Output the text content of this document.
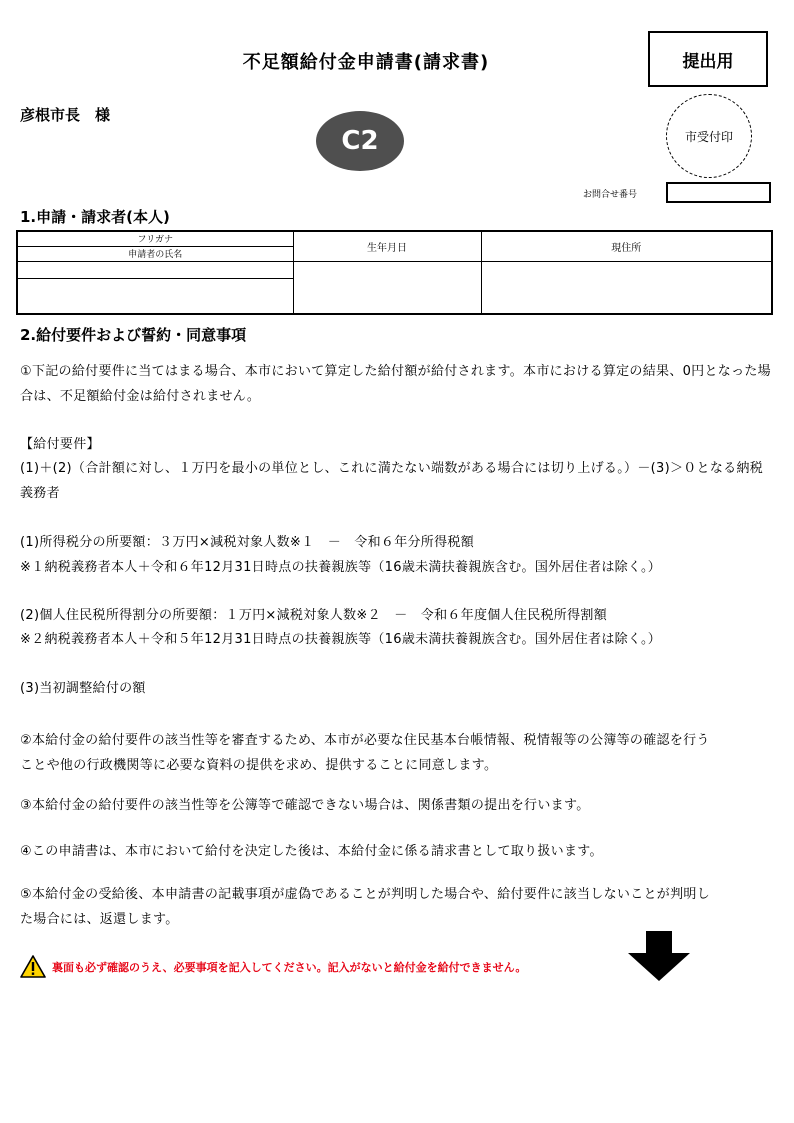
不足額給付金申請書(請求書)	提出用
彦根市長　様
C2	市受付印
お問合せ番号
1.申請・請求者(本人)
フリガナ	生年月日	現住所
申請者の氏名		

2.給付要件および誓約・同意事項
①下記の給付要件に当てはまる場合、本市において算定した給付額が給付されます。本市における算定の結果、0円となった場合は、不足額給付金は給付されません。
【給付要件】
(1)＋(2)（合計額に対し、１万円を最小の単位とし、これに満たない端数がある場合には切り上げる。）－(3)＞０となる納税義務者
(1)所得税分の所要額：３万円×減税対象人数※１　－　令和６年分所得税額
※１納税義務者本人＋令和６年12月31日時点の扶養親族等（16歳未満扶養親族含む。国外居住者は除く。）
(2)個人住民税所得割分の所要額：１万円×減税対象人数※２　－　令和６年度個人住民税所得割額
※２納税義務者本人＋令和５年12月31日時点の扶養親族等（16歳未満扶養親族含む。国外居住者は除く。）
(3)当初調整給付の額
②本給付金の給付要件の該当性等を審査するため、本市が必要な住民基本台帳情報、税情報等の公簿等の確認を行うことや他の行政機関等に必要な資料の提供を求め、提供することに同意します。
③本給付金の給付要件の該当性等を公簿等で確認できない場合は、関係書類の提出を行います。
④この申請書は、本市において給付を決定した後は、本給付金に係る請求書として取り扱います。
⑤本給付金の受給後、本申請書の記載事項が虚偽であることが判明した場合や、給付要件に該当しないことが判明した場合には、返還します。
裏面も必ず確認のうえ、必要事項を記入してください。記入がないと給付金を給付できません。
